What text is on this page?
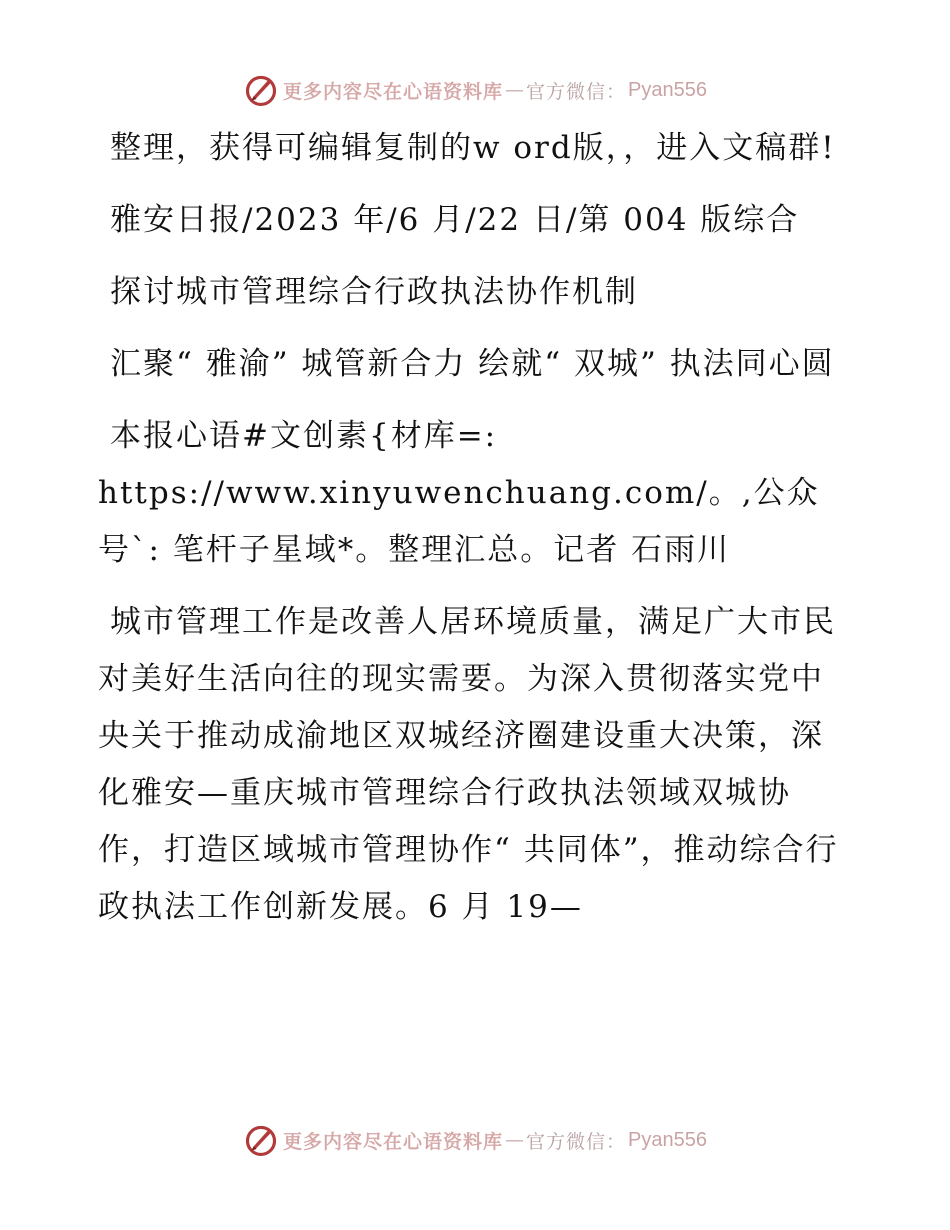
更多内容尽在心语资料库 — 官方微信： Pyan556

整理，获得可编辑复制的w ord版，，进入文稿群!

雅安日报/2023 年/6 月/22 日/第 004 版综合

探讨城市管理综合行政执法协作机制

汇聚“ 雅渝” 城管新合力 绘就“ 双城” 执法同心圆

本报心语#文创素{材库=: https://www.xinyuwenchuang.com/。,公众号`: 笔杆子星域*。整理汇总。记者 石雨川

城市管理工作是改善人居环境质量，满足广大市民对美好生活向往的现实需要。为深入贯彻落实党中央关于推动成渝地区双城经济圈建设重大决策，深化雅安—重庆城市管理综合行政执法领域双城协作，打造区域城市管理协作“ 共同体”，推动综合行政执法工作创新发展。6 月 19—

更多内容尽在心语资料库 — 官方微信： Pyan556
